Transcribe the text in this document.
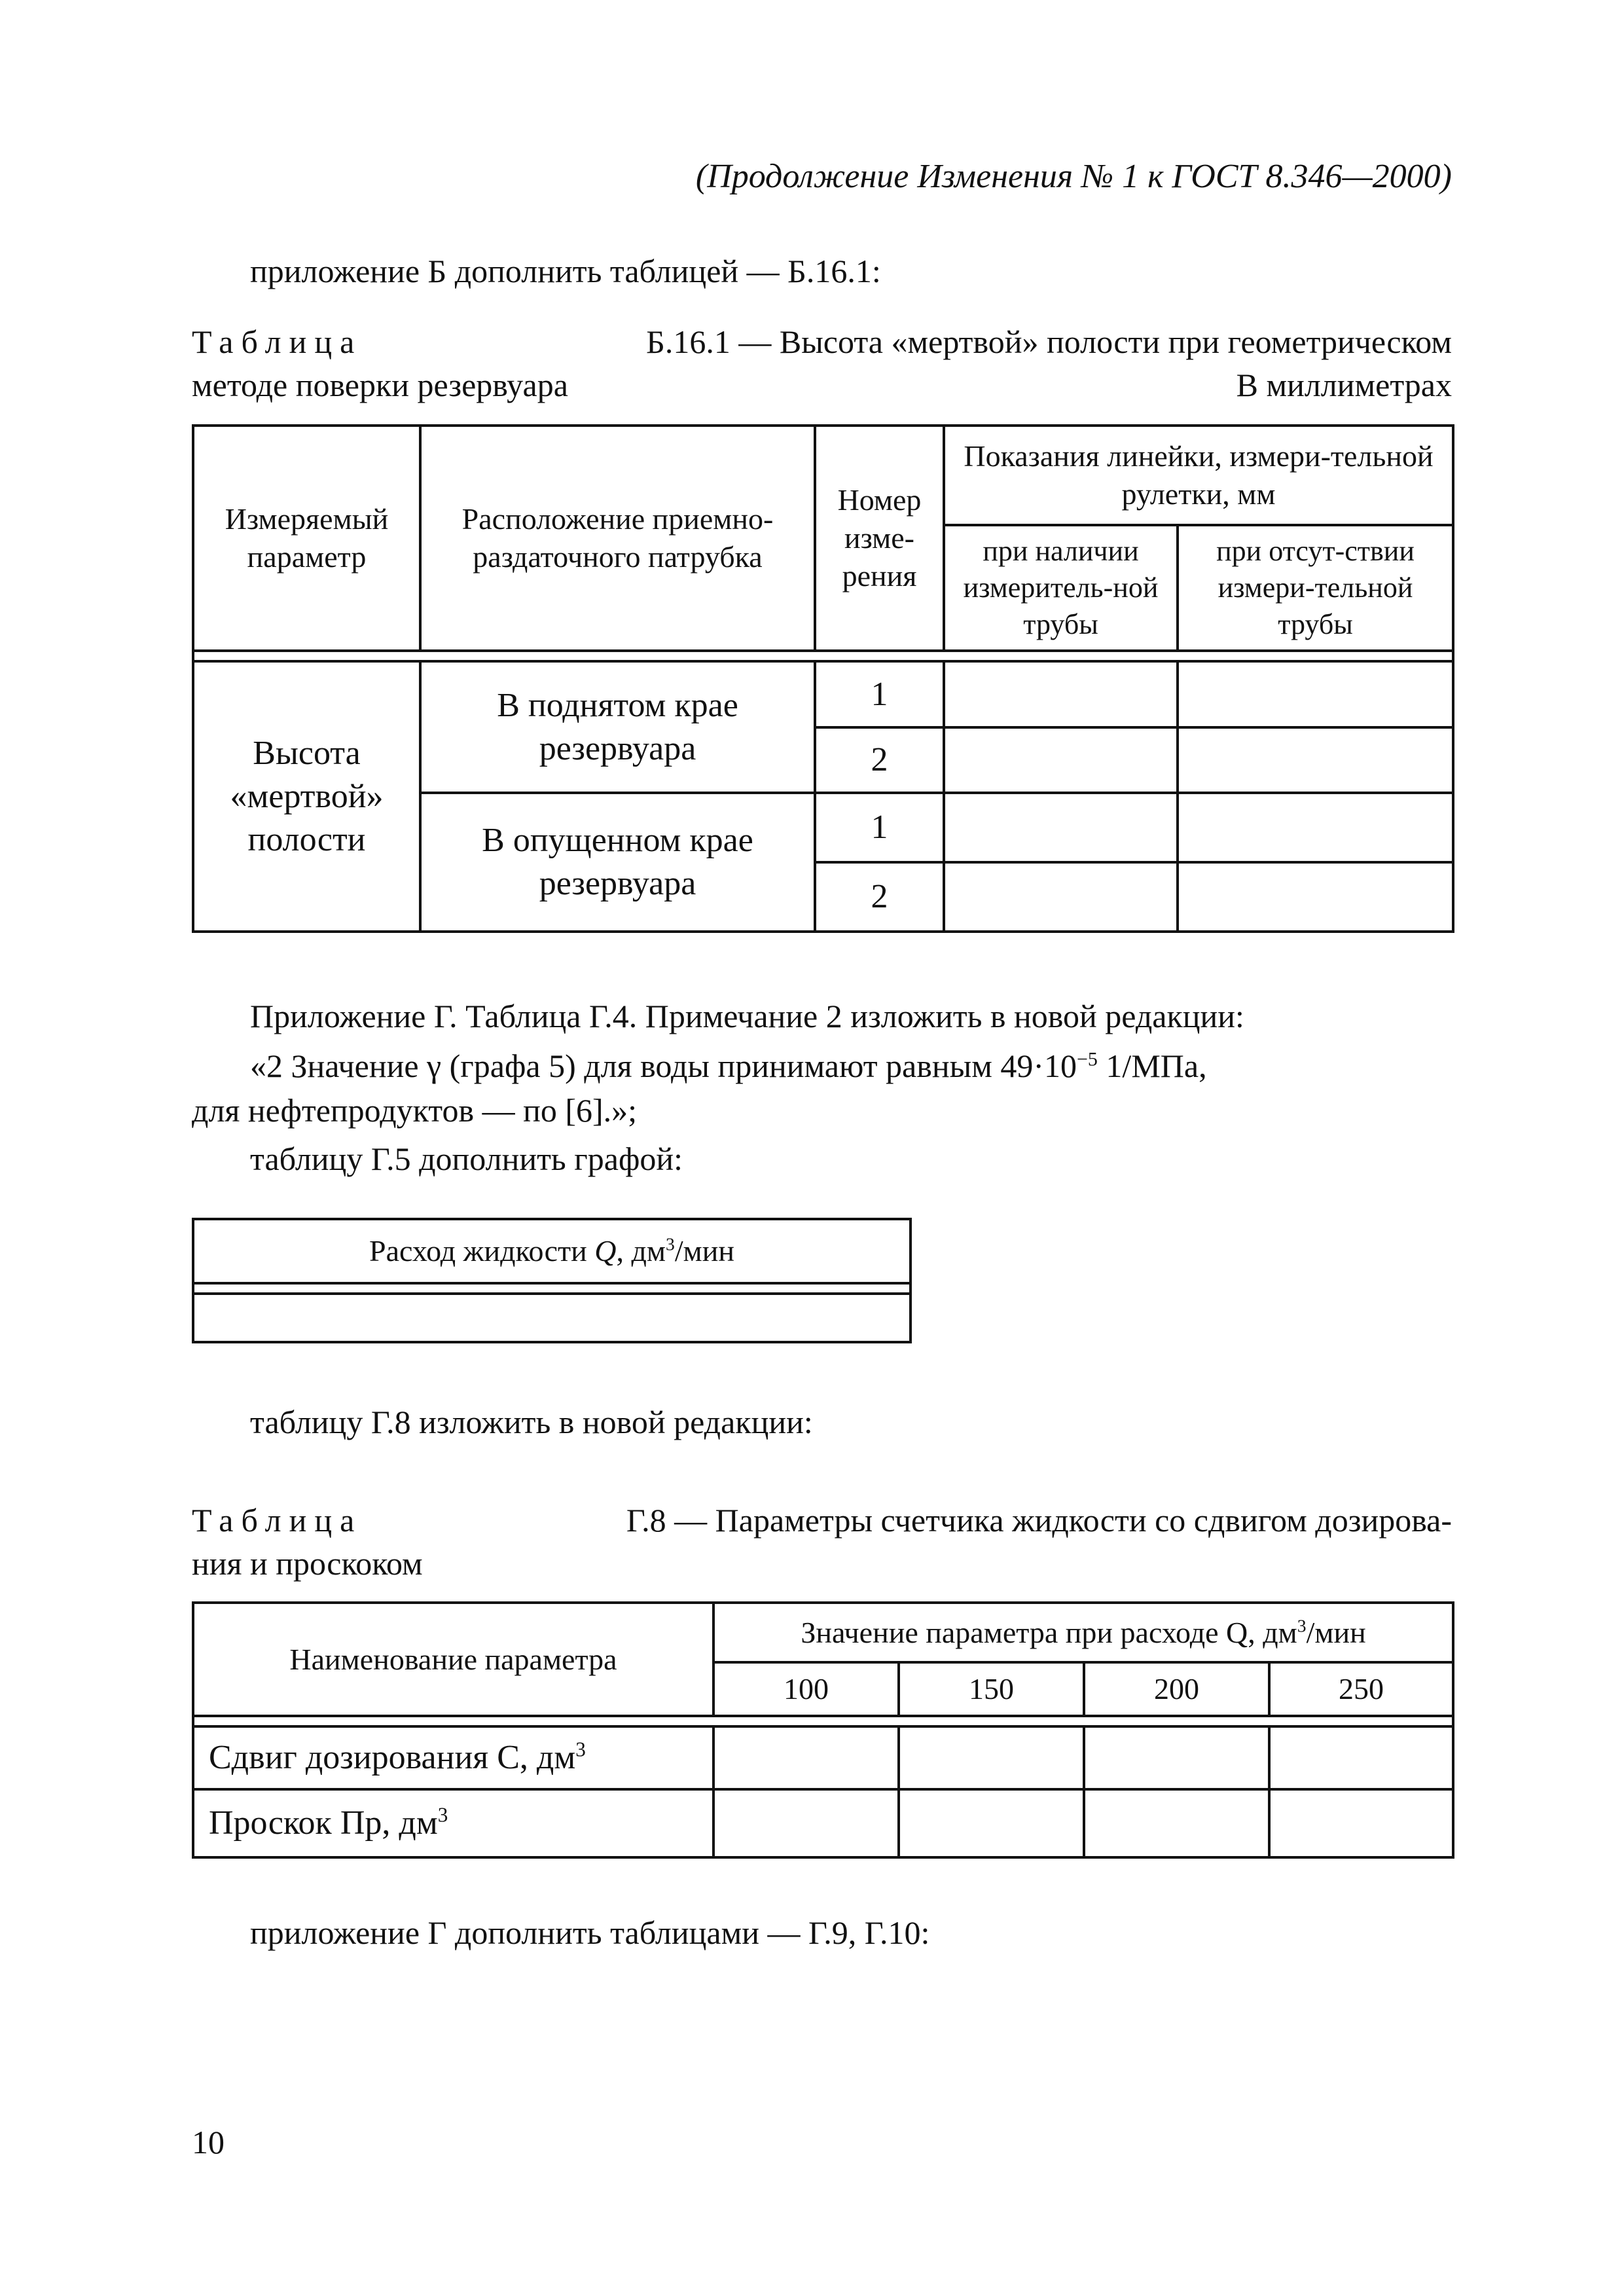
(Продолжение Изменения № 1 к ГОСТ 8.346—2000)
приложение Б дополнить таблицей — Б.16.1:
Таблица	Б.16.1 — Высота «мертвой» полости при геометрическом
методе поверки резервуара	В миллиметрах
Измеряемый параметр	Расположение приемно-раздаточного патрубка	Номер изме-рения	Показания линейки, измери-тельной рулетки, мм	
			при наличии измеритель-ной трубы	при отсут-ствии измери-тельной трубы

Высота «мертвой» полости	В поднятом крае резервуара	1		
		2		
	В опущенном крае резервуара	1		
		2		
Приложение Г. Таблица Г.4. Примечание 2 изложить в новой редакции:
«2 Значение γ (графа 5) для воды принимают равным $49\cdot 10^{-5}$ 1/МПа,
для нефтепродуктов — по [6].»;
таблицу Г.5 дополнить графой:
Расход жидкости Q, $дм^3$/мин

таблицу Г.8 изложить в новой редакции:
Таблица	Г.8 — Параметры счетчика жидкости со сдвигом дозирова-
ния и проскоком
Наименование параметра	Значение параметра при расходе Q, $дм^3$/мин			
	100	150	200	250

Сдвиг дозирования С, $дм^3$				
Проскок Пр, $дм^3$				
приложение Г дополнить таблицами — Г.9, Г.10:
10
